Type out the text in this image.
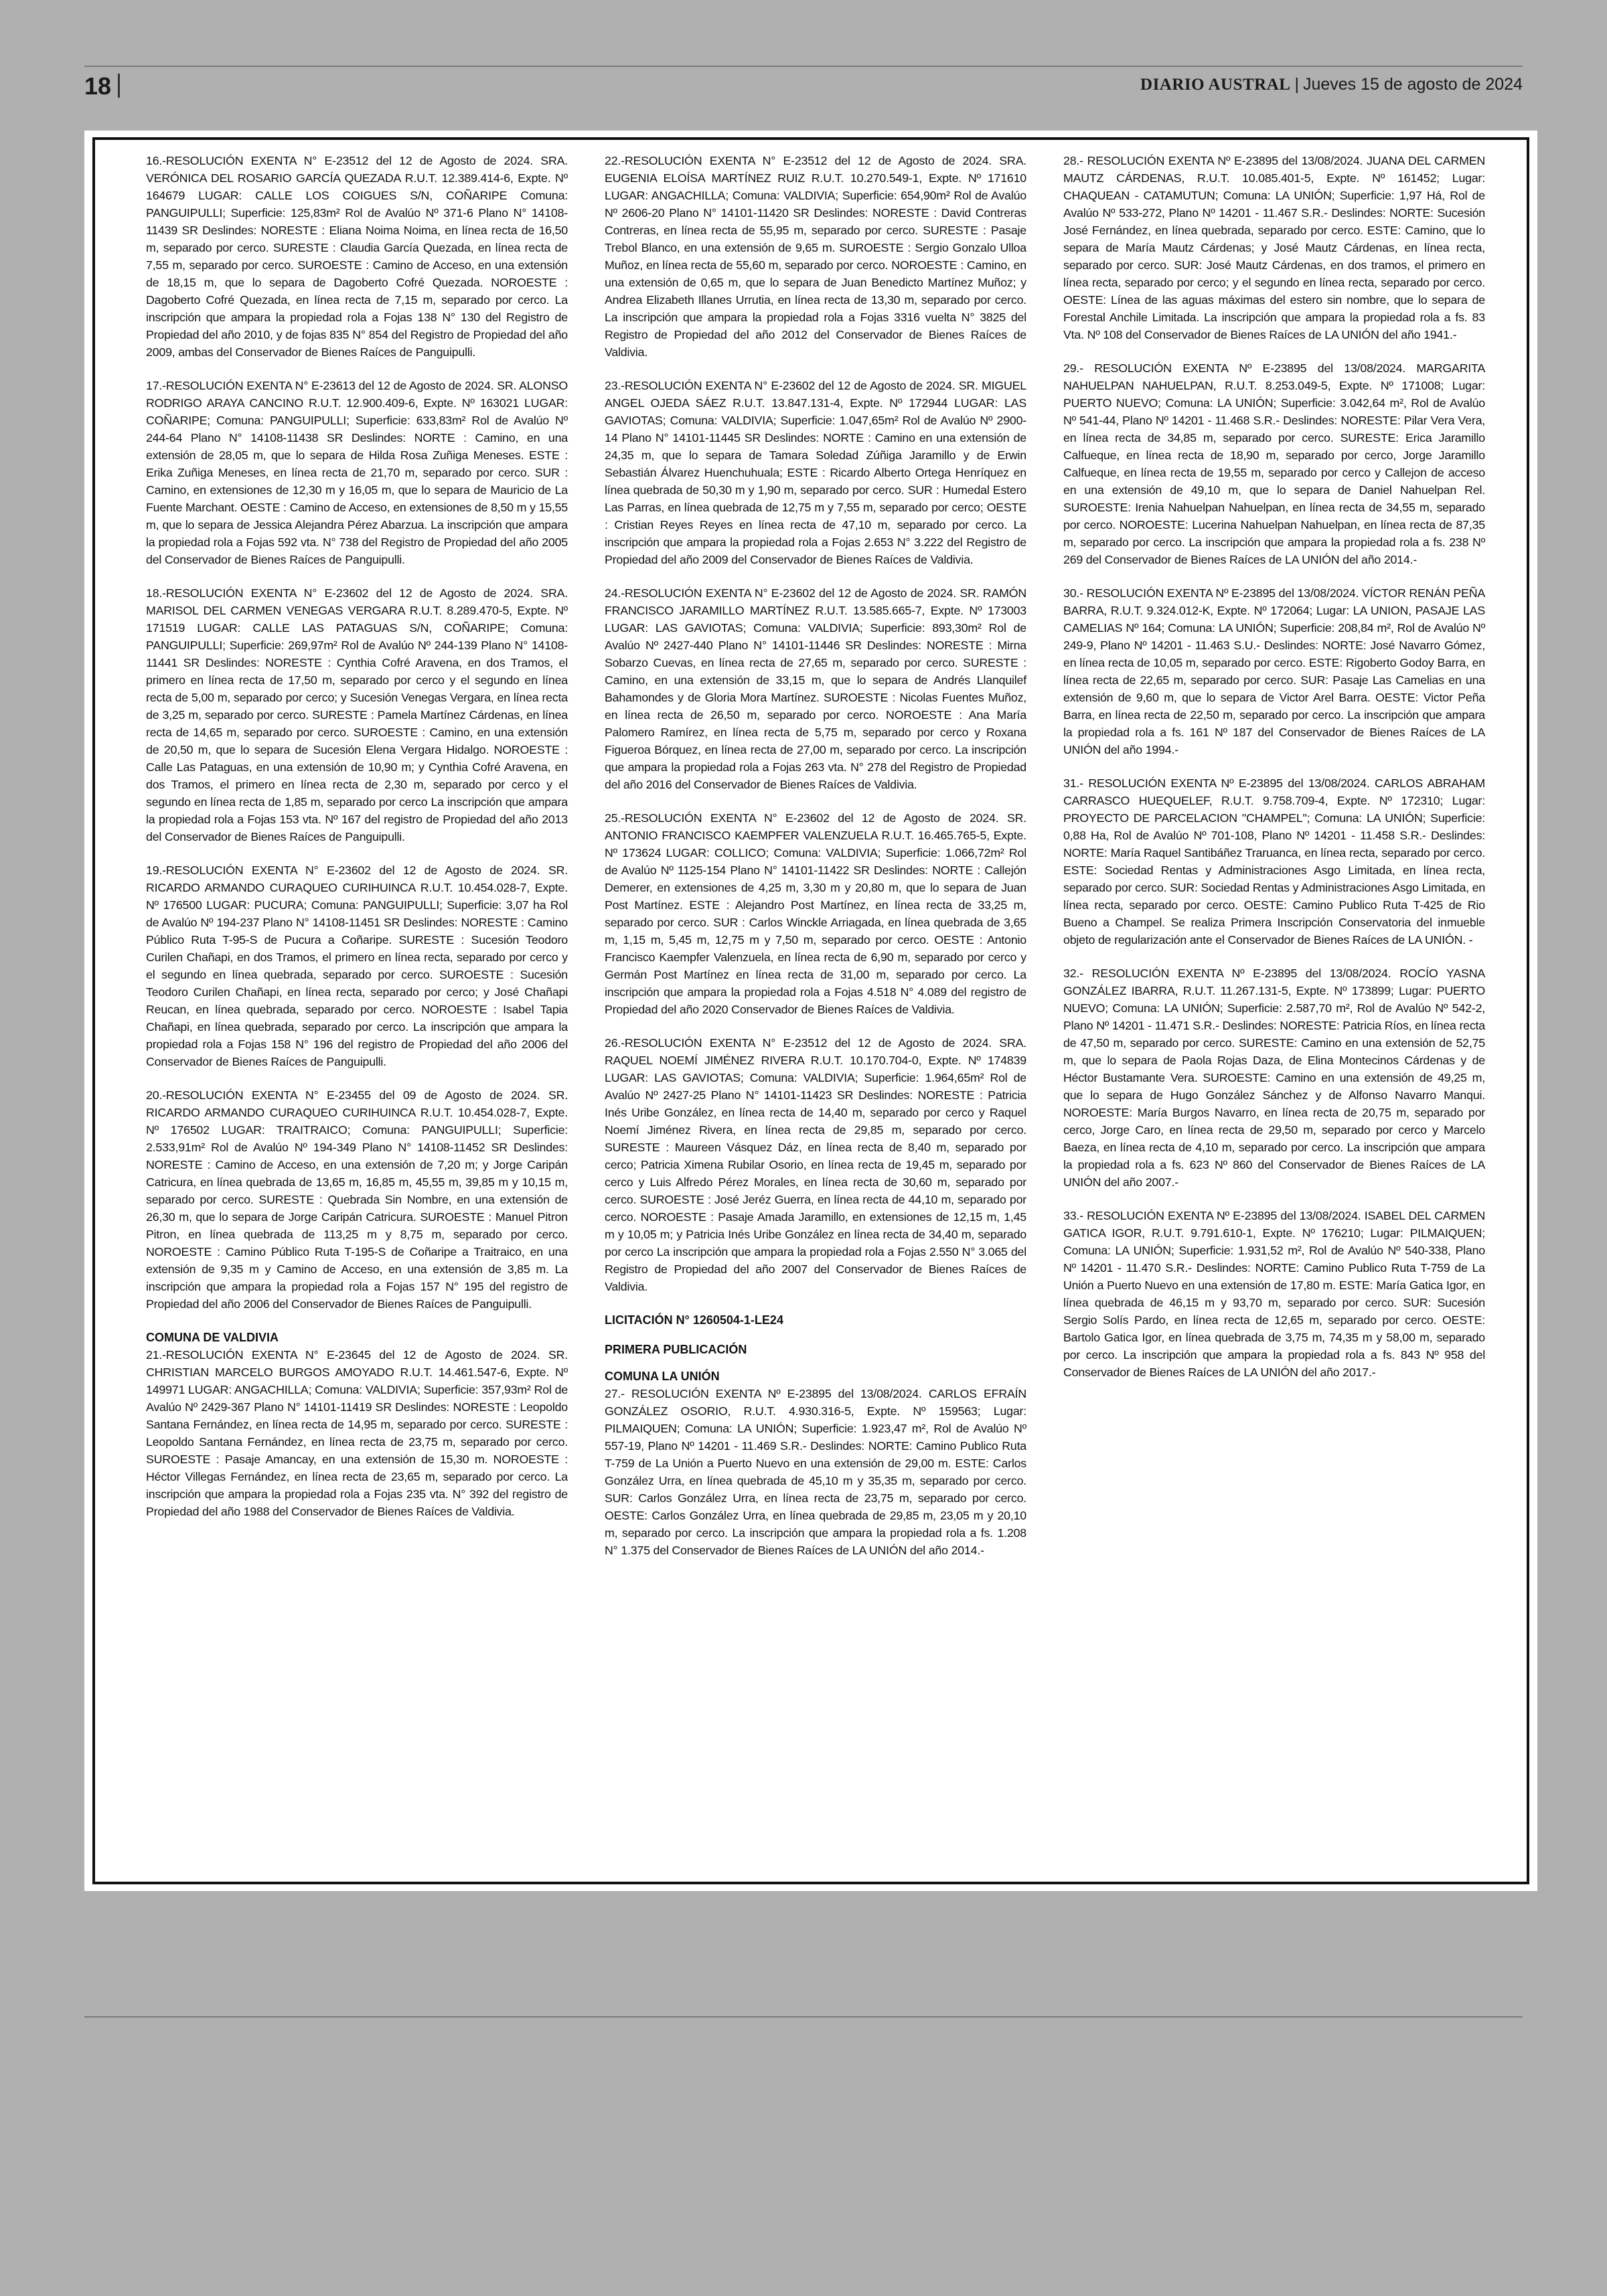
18	DIARIO AUSTRAL | Jueves 15 de agosto de 2024

16.-RESOLUCIÓN EXENTA N° E-23512 del 12 de Agosto de 2024. SRA. VERÓNICA DEL ROSARIO GARCÍA QUEZADA R.U.T. 12.389.414-6, Expte. Nº 164679 LUGAR: CALLE LOS COIGUES S/N, COÑARIPE Comuna: PANGUIPULLI; Superficie: 125,83m² Rol de Avalúo Nº 371-6 Plano N° 14108-11439 SR Deslindes: NORESTE : Eliana Noima Noima, en línea recta de 16,50 m, separado por cerco. SURESTE : Claudia García Quezada, en línea recta de 7,55 m, separado por cerco. SUROESTE : Camino de Acceso, en una extensión de 18,15 m, que lo separa de Dagoberto Cofré Quezada. NOROESTE : Dagoberto Cofré Quezada, en línea recta de 7,15 m, separado por cerco. La inscripción que ampara la propiedad rola a Fojas 138 N° 130 del Registro de Propiedad del año 2010, y de fojas 835 N° 854 del Registro de Propiedad del año 2009, ambas del Conservador de Bienes Raíces de Panguipulli.

17.-RESOLUCIÓN EXENTA N° E-23613 del 12 de Agosto de 2024. SR. ALONSO RODRIGO ARAYA CANCINO R.U.T. 12.900.409-6, Expte. Nº 163021 LUGAR: COÑARIPE; Comuna: PANGUIPULLI; Superficie: 633,83m² Rol de Avalúo Nº 244-64 Plano N° 14108-11438 SR Deslindes: NORTE : Camino, en una extensión de 28,05 m, que lo separa de Hilda Rosa Zuñiga Meneses. ESTE : Erika Zuñiga Meneses, en línea recta de 21,70 m, separado por cerco. SUR : Camino, en extensiones de 12,30 m y 16,05 m, que lo separa de Mauricio de La Fuente Marchant. OESTE : Camino de Acceso, en extensiones de 8,50 m y 15,55 m, que lo separa de Jessica Alejandra Pérez Abarzua. La inscripción que ampara la propiedad rola a Fojas 592 vta. N° 738 del Registro de Propiedad del año 2005 del Conservador de Bienes Raíces de Panguipulli.

18.-RESOLUCIÓN EXENTA N° E-23602 del 12 de Agosto de 2024. SRA. MARISOL DEL CARMEN VENEGAS VERGARA R.U.T. 8.289.470-5, Expte. Nº 171519 LUGAR: CALLE LAS PATAGUAS S/N, COÑARIPE; Comuna: PANGUIPULLI; Superficie: 269,97m² Rol de Avalúo Nº 244-139 Plano N° 14108-11441 SR Deslindes: NORESTE : Cynthia Cofré Aravena, en dos Tramos, el primero en línea recta de 17,50 m, separado por cerco y el segundo en línea recta de 5,00 m, separado por cerco; y Sucesión Venegas Vergara, en línea recta de 3,25 m, separado por cerco. SURESTE : Pamela Martínez Cárdenas, en línea recta de 14,65 m, separado por cerco. SUROESTE : Camino, en una extensión de 20,50 m, que lo separa de Sucesión Elena Vergara Hidalgo. NOROESTE : Calle Las Pataguas, en una extensión de 10,90 m; y Cynthia Cofré Aravena, en dos Tramos, el primero en línea recta de 2,30 m, separado por cerco y el segundo en línea recta de 1,85 m, separado por cerco La inscripción que ampara la propiedad rola a Fojas 153 vta. Nº 167 del registro de Propiedad del año 2013 del Conservador de Bienes Raíces de Panguipulli.

19.-RESOLUCIÓN EXENTA N° E-23602 del 12 de Agosto de 2024. SR. RICARDO ARMANDO CURAQUEO CURIHUINCA R.U.T. 10.454.028-7, Expte. Nº 176500 LUGAR: PUCURA; Comuna: PANGUIPULLI; Superficie: 3,07 ha Rol de Avalúo Nº 194-237 Plano N° 14108-11451 SR Deslindes: NORESTE : Camino Público Ruta T-95-S de Pucura a Coñaripe. SURESTE : Sucesión Teodoro Curilen Chañapi, en dos Tramos, el primero en línea recta, separado por cerco y el segundo en línea quebrada, separado por cerco. SUROESTE : Sucesión Teodoro Curilen Chañapi, en línea recta, separado por cerco; y José Chañapi Reucan, en línea quebrada, separado por cerco. NOROESTE : Isabel Tapia Chañapi, en línea quebrada, separado por cerco. La inscripción que ampara la propiedad rola a Fojas 158 N° 196 del registro de Propiedad del año 2006 del Conservador de Bienes Raíces de Panguipulli.

20.-RESOLUCIÓN EXENTA N° E-23455 del 09 de Agosto de 2024. SR. RICARDO ARMANDO CURAQUEO CURIHUINCA R.U.T. 10.454.028-7, Expte. Nº 176502 LUGAR: TRAITRAICO; Comuna: PANGUIPULLI; Superficie: 2.533,91m² Rol de Avalúo Nº 194-349 Plano N° 14108-11452 SR Deslindes: NORESTE : Camino de Acceso, en una extensión de 7,20 m; y Jorge Caripán Catricura, en línea quebrada de 13,65 m, 16,85 m, 45,55 m, 39,85 m y 10,15 m, separado por cerco. SURESTE : Quebrada Sin Nombre, en una extensión de 26,30 m, que lo separa de Jorge Caripán Catricura. SUROESTE : Manuel Pitron Pitron, en línea quebrada de 113,25 m y 8,75 m, separado por cerco. NOROESTE : Camino Público Ruta T-195-S de Coñaripe a Traitraico, en una extensión de 9,35 m y Camino de Acceso, en una extensión de 3,85 m. La inscripción que ampara la propiedad rola a Fojas 157 N° 195 del registro de Propiedad del año 2006 del Conservador de Bienes Raíces de Panguipulli.

COMUNA DE VALDIVIA

21.-RESOLUCIÓN EXENTA N° E-23645 del 12 de Agosto de 2024. SR. CHRISTIAN MARCELO BURGOS AMOYADO R.U.T. 14.461.547-6, Expte. Nº 149971 LUGAR: ANGACHILLA; Comuna: VALDIVIA; Superficie: 357,93m² Rol de Avalúo Nº 2429-367 Plano N° 14101-11419 SR Deslindes: NORESTE : Leopoldo Santana Fernández, en línea recta de 14,95 m, separado por cerco. SURESTE : Leopoldo Santana Fernández, en línea recta de 23,75 m, separado por cerco. SUROESTE : Pasaje Amancay, en una extensión de 15,30 m. NOROESTE : Héctor Villegas Fernández, en línea recta de 23,65 m, separado por cerco. La inscripción que ampara la propiedad rola a Fojas 235 vta. N° 392 del registro de Propiedad del año 1988 del Conservador de Bienes Raíces de Valdivia.

22.-RESOLUCIÓN EXENTA N° E-23512 del 12 de Agosto de 2024. SRA. EUGENIA ELOÍSA MARTÍNEZ RUIZ R.U.T. 10.270.549-1, Expte. Nº 171610 LUGAR: ANGACHILLA; Comuna: VALDIVIA; Superficie: 654,90m² Rol de Avalúo Nº 2606-20 Plano N° 14101-11420 SR Deslindes: NORESTE : David Contreras Contreras, en línea recta de 55,95 m, separado por cerco. SURESTE : Pasaje Trebol Blanco, en una extensión de 9,65 m. SUROESTE : Sergio Gonzalo Ulloa Muñoz, en línea recta de 55,60 m, separado por cerco. NOROESTE : Camino, en una extensión de 0,65 m, que lo separa de Juan Benedicto Martínez Muñoz; y Andrea Elizabeth Illanes Urrutia, en línea recta de 13,30 m, separado por cerco. La inscripción que ampara la propiedad rola a Fojas 3316 vuelta N° 3825 del Registro de Propiedad del año 2012 del Conservador de Bienes Raíces de Valdivia.

23.-RESOLUCIÓN EXENTA N° E-23602 del 12 de Agosto de 2024. SR. MIGUEL ANGEL OJEDA SÁEZ R.U.T. 13.847.131-4, Expte. Nº 172944 LUGAR: LAS GAVIOTAS; Comuna: VALDIVIA; Superficie: 1.047,65m² Rol de Avalúo Nº 2900-14 Plano N° 14101-11445 SR Deslindes: NORTE : Camino en una extensión de 24,35 m, que lo separa de Tamara Soledad Zúñiga Jaramillo y de Erwin Sebastián Álvarez Huenchuhuala; ESTE : Ricardo Alberto Ortega Henríquez en línea quebrada de 50,30 m y 1,90 m, separado por cerco. SUR : Humedal Estero Las Parras, en línea quebrada de 12,75 m y 7,55 m, separado por cerco; OESTE : Cristian Reyes Reyes en línea recta de 47,10 m, separado por cerco. La inscripción que ampara la propiedad rola a Fojas 2.653 N° 3.222 del Registro de Propiedad del año 2009 del Conservador de Bienes Raíces de Valdivia.

24.-RESOLUCIÓN EXENTA N° E-23602 del 12 de Agosto de 2024. SR. RAMÓN FRANCISCO JARAMILLO MARTÍNEZ R.U.T. 13.585.665-7, Expte. Nº 173003 LUGAR: LAS GAVIOTAS; Comuna: VALDIVIA; Superficie: 893,30m² Rol de Avalúo Nº 2427-440 Plano N° 14101-11446 SR Deslindes: NORESTE : Mirna Sobarzo Cuevas, en línea recta de 27,65 m, separado por cerco. SURESTE : Camino, en una extensión de 33,15 m, que lo separa de Andrés Llanquilef Bahamondes y de Gloria Mora Martínez. SUROESTE : Nicolas Fuentes Muñoz, en línea recta de 26,50 m, separado por cerco. NOROESTE : Ana María Palomero Ramírez, en línea recta de 5,75 m, separado por cerco y Roxana Figueroa Bórquez, en línea recta de 27,00 m, separado por cerco. La inscripción que ampara la propiedad rola a Fojas 263 vta. N° 278 del Registro de Propiedad del año 2016 del Conservador de Bienes Raíces de Valdivia.

25.-RESOLUCIÓN EXENTA N° E-23602 del 12 de Agosto de 2024. SR. ANTONIO FRANCISCO KAEMPFER VALENZUELA R.U.T. 16.465.765-5, Expte. Nº 173624 LUGAR: COLLICO; Comuna: VALDIVIA; Superficie: 1.066,72m² Rol de Avalúo Nº 1125-154 Plano N° 14101-11422 SR Deslindes: NORTE : Callejón Demerer, en extensiones de 4,25 m, 3,30 m y 20,80 m, que lo separa de Juan Post Martínez. ESTE : Alejandro Post Martínez, en línea recta de 33,25 m, separado por cerco. SUR : Carlos Winckle Arriagada, en línea quebrada de 3,65 m, 1,15 m, 5,45 m, 12,75 m y 7,50 m, separado por cerco. OESTE : Antonio Francisco Kaempfer Valenzuela, en línea recta de 6,90 m, separado por cerco y Germán Post Martínez en línea recta de 31,00 m, separado por cerco. La inscripción que ampara la propiedad rola a Fojas 4.518 N° 4.089 del registro de Propiedad del año 2020 Conservador de Bienes Raíces de Valdivia.

26.-RESOLUCIÓN EXENTA N° E-23512 del 12 de Agosto de 2024. SRA. RAQUEL NOEMÍ JIMÉNEZ RIVERA R.U.T. 10.170.704-0, Expte. Nº 174839 LUGAR: LAS GAVIOTAS; Comuna: VALDIVIA; Superficie: 1.964,65m² Rol de Avalúo Nº 2427-25 Plano N° 14101-11423 SR Deslindes: NORESTE : Patricia Inés Uribe González, en línea recta de 14,40 m, separado por cerco y Raquel Noemí Jiménez Rivera, en línea recta de 29,85 m, separado por cerco. SURESTE : Maureen Vásquez Dáz, en línea recta de 8,40 m, separado por cerco; Patricia Ximena Rubilar Osorio, en línea recta de 19,45 m, separado por cerco y Luis Alfredo Pérez Morales, en línea recta de 30,60 m, separado por cerco. SUROESTE : José Jeréz Guerra, en línea recta de 44,10 m, separado por cerco. NOROESTE : Pasaje Amada Jaramillo, en extensiones de 12,15 m, 1,45 m y 10,05 m; y Patricia Inés Uribe González en línea recta de 34,40 m, separado por cerco La inscripción que ampara la propiedad rola a Fojas 2.550 N° 3.065 del Registro de Propiedad del año 2007 del Conservador de Bienes Raíces de Valdivia.

LICITACIÓN N° 1260504-1-LE24
PRIMERA PUBLICACIÓN
COMUNA LA UNIÓN

27.- RESOLUCIÓN EXENTA Nº E-23895 del 13/08/2024. CARLOS EFRAÍN GONZÁLEZ OSORIO, R.U.T. 4.930.316-5, Expte. Nº 159563; Lugar: PILMAIQUEN; Comuna: LA UNIÓN; Superficie: 1.923,47 m², Rol de Avalúo Nº 557-19, Plano Nº 14201 - 11.469 S.R.- Deslindes: NORTE: Camino Publico Ruta T-759 de La Unión a Puerto Nuevo en una extensión de 29,00 m. ESTE: Carlos González Urra, en línea quebrada de 45,10 m y 35,35 m, separado por cerco. SUR: Carlos González Urra, en línea recta de 23,75 m, separado por cerco. OESTE: Carlos González Urra, en línea quebrada de 29,85 m, 23,05 m y 20,10 m, separado por cerco. La inscripción que ampara la propiedad rola a fs. 1.208 N° 1.375 del Conservador de Bienes Raíces de LA UNIÓN del año 2014.-

28.- RESOLUCIÓN EXENTA Nº E-23895 del 13/08/2024. JUANA DEL CARMEN MAUTZ CÁRDENAS, R.U.T. 10.085.401-5, Expte. Nº 161452; Lugar: CHAQUEAN - CATAMUTUN; Comuna: LA UNIÓN; Superficie: 1,97 Há, Rol de Avalúo Nº 533-272, Plano Nº 14201 - 11.467 S.R.- Deslindes: NORTE: Sucesión José Fernández, en línea quebrada, separado por cerco. ESTE: Camino, que lo separa de María Mautz Cárdenas; y José Mautz Cárdenas, en línea recta, separado por cerco. SUR: José Mautz Cárdenas, en dos tramos, el primero en línea recta, separado por cerco; y el segundo en línea recta, separado por cerco. OESTE: Línea de las aguas máximas del estero sin nombre, que lo separa de Forestal Anchile Limitada. La inscripción que ampara la propiedad rola a fs. 83 Vta. Nº 108 del Conservador de Bienes Raíces de LA UNIÓN del año 1941.-

29.- RESOLUCIÓN EXENTA Nº E-23895 del 13/08/2024. MARGARITA NAHUELPAN NAHUELPAN, R.U.T. 8.253.049-5, Expte. Nº 171008; Lugar: PUERTO NUEVO; Comuna: LA UNIÓN; Superficie: 3.042,64 m², Rol de Avalúo Nº 541-44, Plano Nº 14201 - 11.468 S.R.- Deslindes: NORESTE: Pilar Vera Vera, en línea recta de 34,85 m, separado por cerco. SURESTE: Erica Jaramillo Calfueque, en línea recta de 18,90 m, separado por cerco, Jorge Jaramillo Calfueque, en línea recta de 19,55 m, separado por cerco y Callejon de acceso en una extensión de 49,10 m, que lo separa de Daniel Nahuelpan Rel. SUROESTE: Irenia Nahuelpan Nahuelpan, en línea recta de 34,55 m, separado por cerco. NOROESTE: Lucerina Nahuelpan Nahuelpan, en línea recta de 87,35 m, separado por cerco. La inscripción que ampara la propiedad rola a fs. 238 Nº 269 del Conservador de Bienes Raíces de LA UNIÓN del año 2014.-

30.- RESOLUCIÓN EXENTA Nº E-23895 del 13/08/2024. VÍCTOR RENÁN PEÑA BARRA, R.U.T. 9.324.012-K, Expte. Nº 172064; Lugar: LA UNION, PASAJE LAS CAMELIAS Nº 164; Comuna: LA UNIÓN; Superficie: 208,84 m², Rol de Avalúo Nº 249-9, Plano Nº 14201 - 11.463 S.U.- Deslindes: NORTE: José Navarro Gómez, en línea recta de 10,05 m, separado por cerco. ESTE: Rigoberto Godoy Barra, en línea recta de 22,65 m, separado por cerco. SUR: Pasaje Las Camelias en una extensión de 9,60 m, que lo separa de Victor Arel Barra. OESTE: Victor Peña Barra, en línea recta de 22,50 m, separado por cerco. La inscripción que ampara la propiedad rola a fs. 161 Nº 187 del Conservador de Bienes Raíces de LA UNIÓN del año 1994.-

31.- RESOLUCIÓN EXENTA Nº E-23895 del 13/08/2024. CARLOS ABRAHAM CARRASCO HUEQUELEF, R.U.T. 9.758.709-4, Expte. Nº 172310; Lugar: PROYECTO DE PARCELACION "CHAMPEL"; Comuna: LA UNIÓN; Superficie: 0,88 Ha, Rol de Avalúo Nº 701-108, Plano Nº 14201 - 11.458 S.R.- Deslindes: NORTE: María Raquel Santibáñez Traruanca, en línea recta, separado por cerco. ESTE: Sociedad Rentas y Administraciones Asgo Limitada, en línea recta, separado por cerco. SUR: Sociedad Rentas y Administraciones Asgo Limitada, en línea recta, separado por cerco. OESTE: Camino Publico Ruta T-425 de Rio Bueno a Champel. Se realiza Primera Inscripción Conservatoria del inmueble objeto de regularización ante el Conservador de Bienes Raíces de LA UNIÓN. -

32.- RESOLUCIÓN EXENTA Nº E-23895 del 13/08/2024. ROCÍO YASNA GONZÁLEZ IBARRA, R.U.T. 11.267.131-5, Expte. Nº 173899; Lugar: PUERTO NUEVO; Comuna: LA UNIÓN; Superficie: 2.587,70 m², Rol de Avalúo Nº 542-2, Plano Nº 14201 - 11.471 S.R.- Deslindes: NORESTE: Patricia Ríos, en línea recta de 47,50 m, separado por cerco. SURESTE: Camino en una extensión de 52,75 m, que lo separa de Paola Rojas Daza, de Elina Montecinos Cárdenas y de Héctor Bustamante Vera. SUROESTE: Camino en una extensión de 49,25 m, que lo separa de Hugo González Sánchez y de Alfonso Navarro Manqui. NOROESTE: María Burgos Navarro, en línea recta de 20,75 m, separado por cerco, Jorge Caro, en línea recta de 29,50 m, separado por cerco y Marcelo Baeza, en línea recta de 4,10 m, separado por cerco. La inscripción que ampara la propiedad rola a fs. 623 Nº 860 del Conservador de Bienes Raíces de LA UNIÓN del año 2007.-

33.- RESOLUCIÓN EXENTA Nº E-23895 del 13/08/2024. ISABEL DEL CARMEN GATICA IGOR, R.U.T. 9.791.610-1, Expte. Nº 176210; Lugar: PILMAIQUEN; Comuna: LA UNIÓN; Superficie: 1.931,52 m², Rol de Avalúo Nº 540-338, Plano Nº 14201 - 11.470 S.R.- Deslindes: NORTE: Camino Publico Ruta T-759 de La Unión a Puerto Nuevo en una extensión de 17,80 m. ESTE: María Gatica Igor, en línea quebrada de 46,15 m y 93,70 m, separado por cerco. SUR: Sucesión Sergio Solís Pardo, en línea recta de 12,65 m, separado por cerco. OESTE: Bartolo Gatica Igor, en línea quebrada de 3,75 m, 74,35 m y 58,00 m, separado por cerco. La inscripción que ampara la propiedad rola a fs. 843 Nº 958 del Conservador de Bienes Raíces de LA UNIÓN del año 2017.-
